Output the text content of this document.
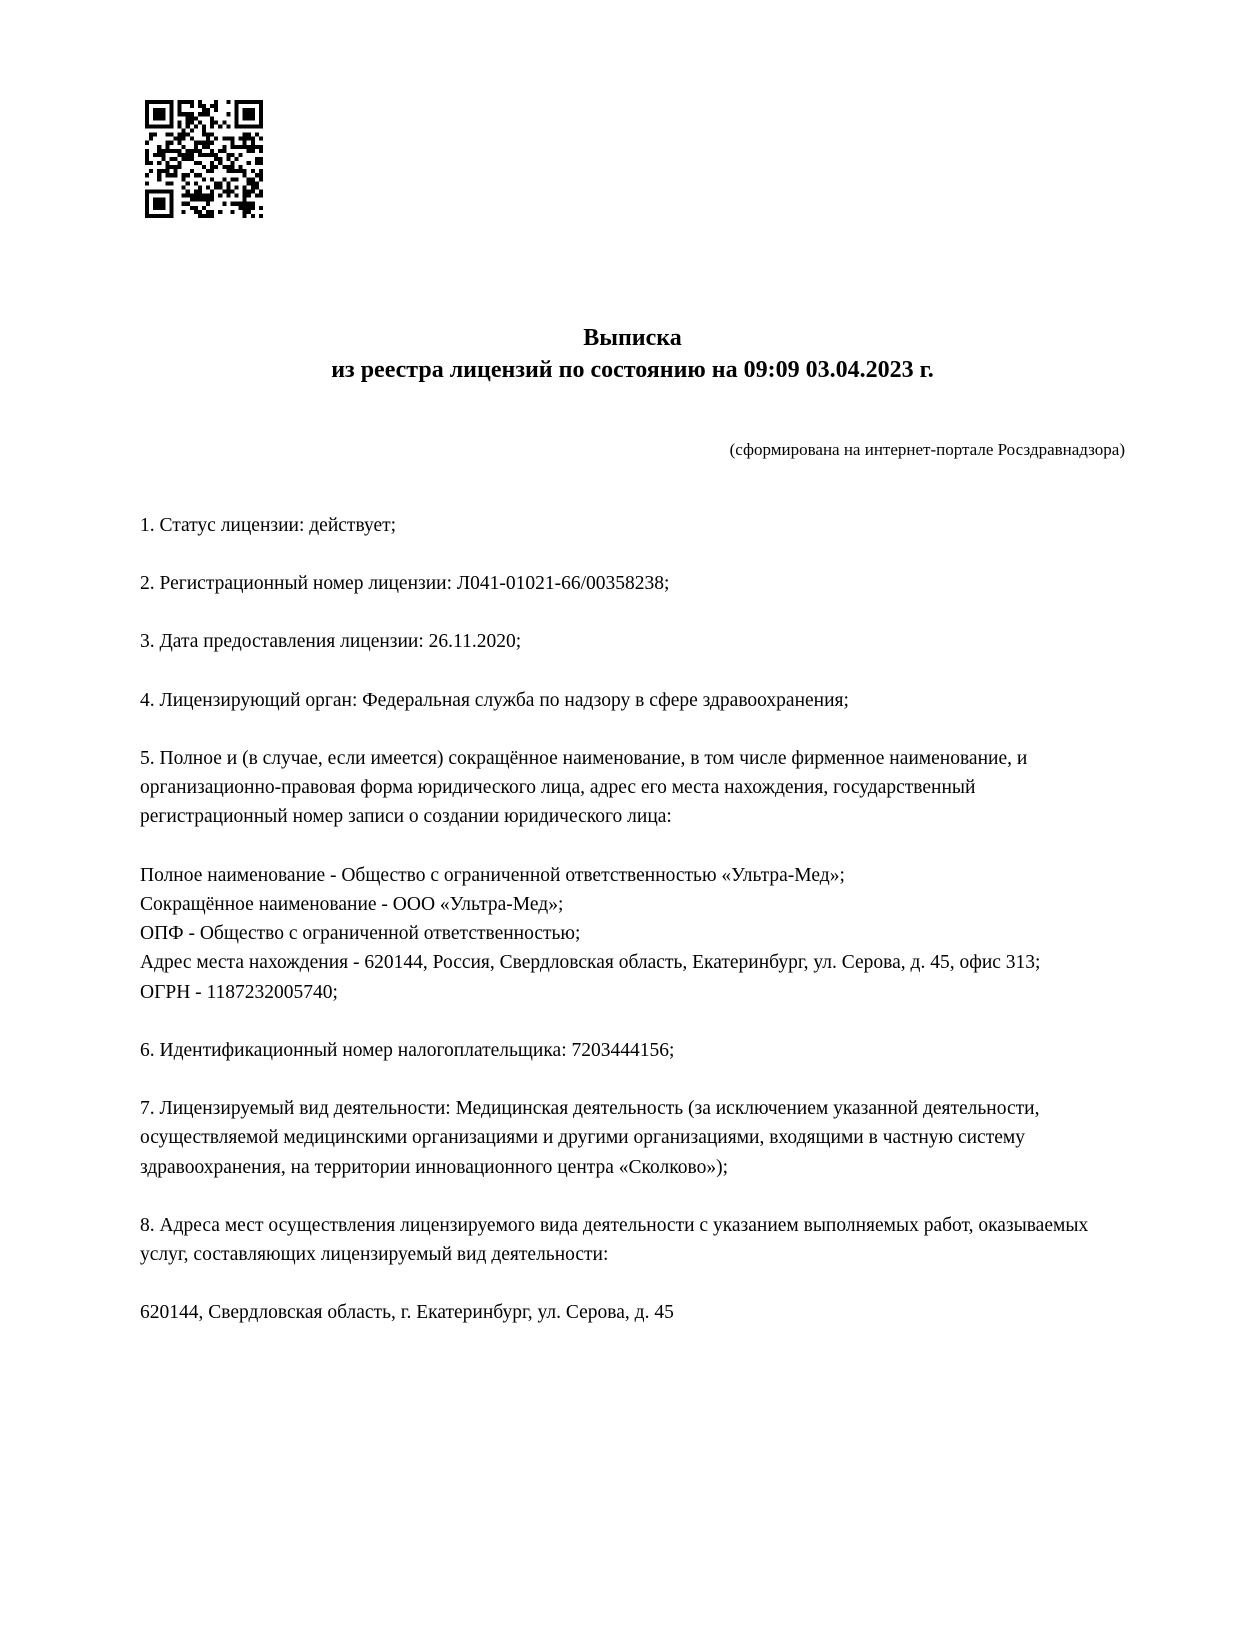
Выписка
из реестра лицензий по состоянию на 09:09 03.04.2023 г.
(сформирована на интернет-портале Росздравнадзора)
1. Статус лицензии: действует;
2. Регистрационный номер лицензии: Л041-01021-66/00358238;
3. Дата предоставления лицензии: 26.11.2020;
4. Лицензирующий орган: Федеральная служба по надзору в сфере здравоохранения;
5. Полное и (в случае, если имеется) сокращённое наименование, в том числе фирменное наименование, и организационно-правовая форма юридического лица, адрес его места нахождения, государственный регистрационный номер записи о создании юридического лица:
Полное наименование - Общество с ограниченной ответственностью «Ультра-Мед»;
Сокращённое наименование - ООО «Ультра-Мед»;
ОПФ - Общество с ограниченной ответственностью;
Адрес места нахождения - 620144, Россия, Свердловская область, Екатеринбург, ул. Серова, д. 45, офис 313;
ОГРН - 1187232005740;
6. Идентификационный номер налогоплательщика: 7203444156;
7. Лицензируемый вид деятельности: Медицинская деятельность (за исключением указанной деятельности, осуществляемой медицинскими организациями и другими организациями, входящими в частную систему здравоохранения, на территории инновационного центра «Сколково»);
8. Адреса мест осуществления лицензируемого вида деятельности с указанием выполняемых работ, оказываемых услуг, составляющих лицензируемый вид деятельности:
620144, Свердловская область, г. Екатеринбург, ул. Серова, д. 45
